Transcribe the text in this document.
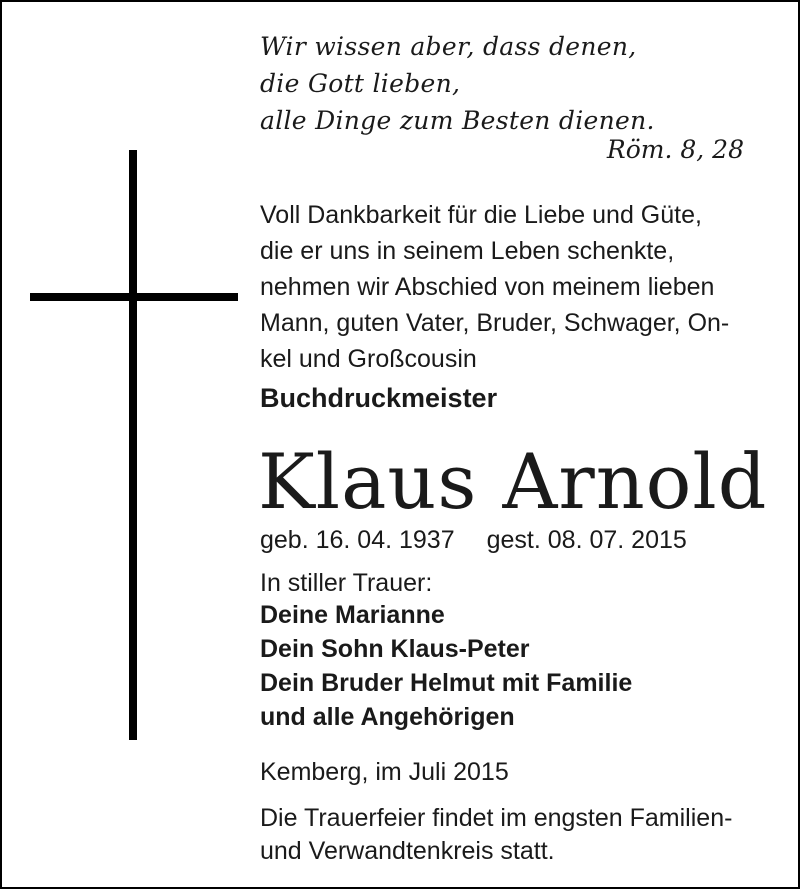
Wir wissen aber, dass denen,
die Gott lieben,
alle Dinge zum Besten dienen.
Röm. 8, 28
Voll Dankbarkeit für die Liebe und Güte,
die er uns in seinem Leben schenkte,
nehmen wir Abschied von meinem lieben
Mann, guten Vater, Bruder, Schwager, On-
kel und Großcousin
Buchdruckmeister
Klaus Arnold
geb. 16. 04. 1937 gest. 08. 07. 2015
In stiller Trauer:
Deine Marianne
Dein Sohn Klaus-Peter
Dein Bruder Helmut mit Familie
und alle Angehörigen
Kemberg, im Juli 2015
Die Trauerfeier findet im engsten Familien-
und Verwandtenkreis statt.
